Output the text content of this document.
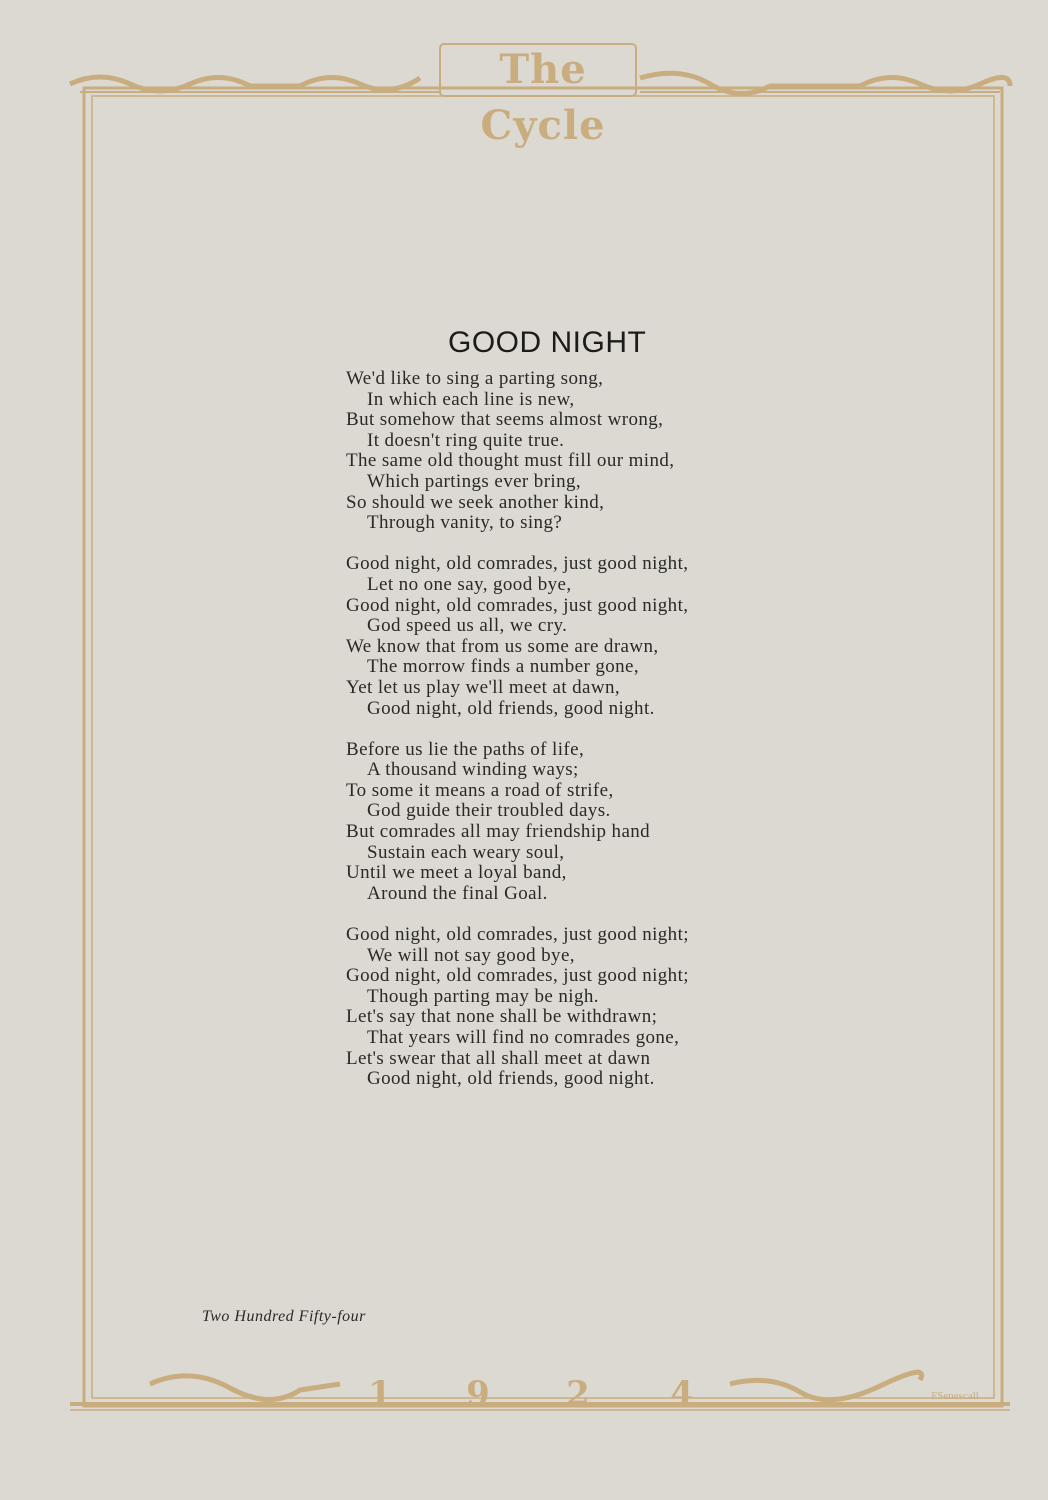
The Cycle
1 9 2 4	FSenescall
GOOD NIGHT
We'd like to sing a parting song,
In which each line is new,
But somehow that seems almost wrong,
It doesn't ring quite true.
The same old thought must fill our mind,
Which partings ever bring,
So should we seek another kind,
Through vanity, to sing?
Good night, old comrades, just good night,
Let no one say, good bye,
Good night, old comrades, just good night,
God speed us all, we cry.
We know that from us some are drawn,
The morrow finds a number gone,
Yet let us play we'll meet at dawn,
Good night, old friends, good night.
Before us lie the paths of life,
A thousand winding ways;
To some it means a road of strife,
God guide their troubled days.
But comrades all may friendship hand
Sustain each weary soul,
Until we meet a loyal band,
Around the final Goal.
Good night, old comrades, just good night;
We will not say good bye,
Good night, old comrades, just good night;
Though parting may be nigh.
Let's say that none shall be withdrawn;
That years will find no comrades gone,
Let's swear that all shall meet at dawn
Good night, old friends, good night.
Two Hundred Fifty-four
